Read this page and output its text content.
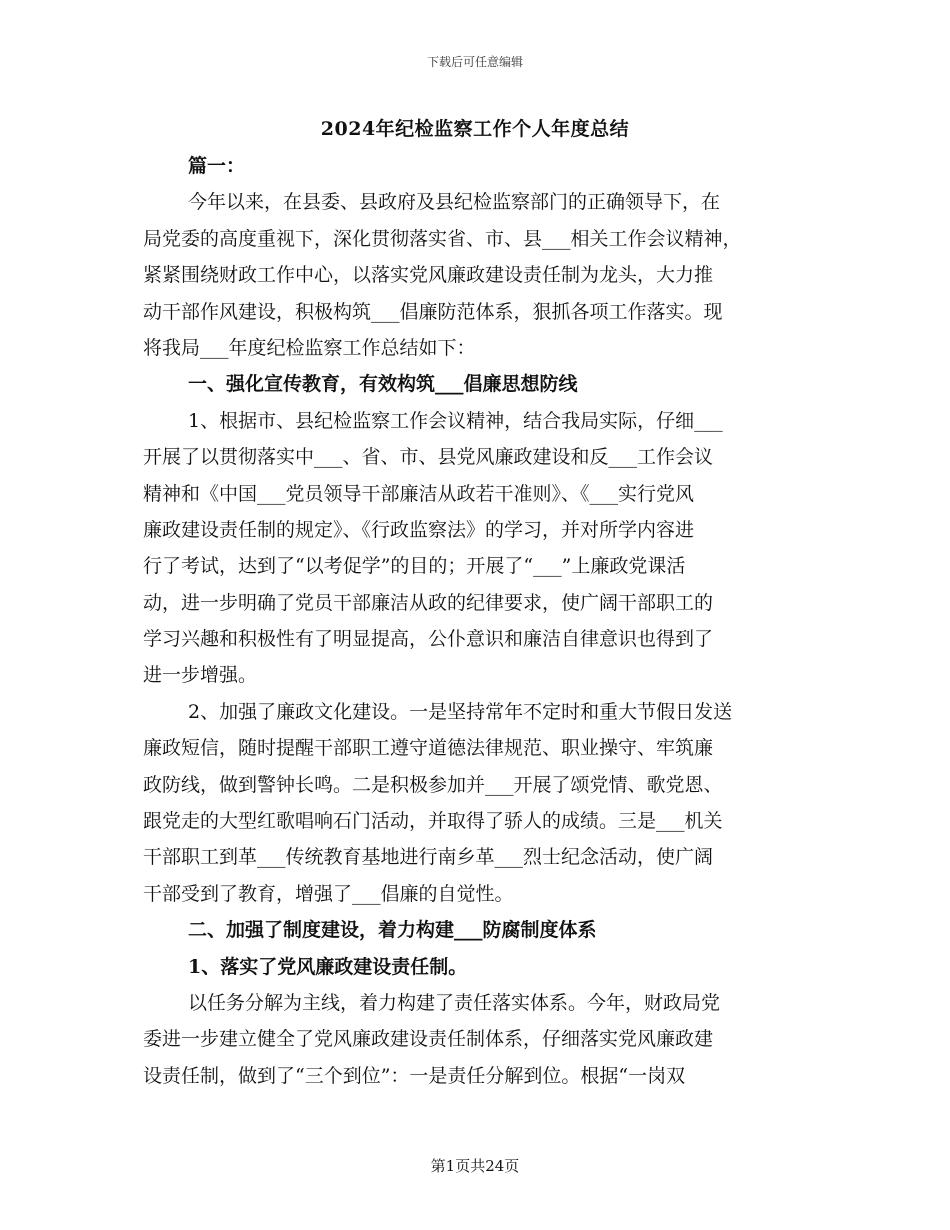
下载后可任意编辑
2024年纪检监察工作个人年度总结
篇一：
今年以来，在县委、县政府及县纪检监察部门的正确领导下，在
局党委的高度重视下，深化贯彻落实省、市、县___相关工作会议精神，
紧紧围绕财政工作中心，以落实党风廉政建设责任制为龙头，大力推
动干部作风建设，积极构筑___倡廉防范体系，狠抓各项工作落实。现
将我局___年度纪检监察工作总结如下：
一、强化宣传教育，有效构筑___倡廉思想防线
1、根据市、县纪检监察工作会议精神，结合我局实际，仔细___
开展了以贯彻落实中___、省、市、县党风廉政建设和反___工作会议
精神和《中国___党员领导干部廉洁从政若干准则》、《___实行党风
廉政建设责任制的规定》、《行政监察法》的学习，并对所学内容进
行了考试，达到了“以考促学”的目的；开展了“___”上廉政党课活
动，进一步明确了党员干部廉洁从政的纪律要求，使广阔干部职工的
学习兴趣和积极性有了明显提高，公仆意识和廉洁自律意识也得到了
进一步增强。
2、加强了廉政文化建设。一是坚持常年不定时和重大节假日发送
廉政短信，随时提醒干部职工遵守道德法律规范、职业操守、牢筑廉
政防线，做到警钟长鸣。二是积极参加并___开展了颂党情、歌党恩、
跟党走的大型红歌唱响石门活动，并取得了骄人的成绩。三是___机关
干部职工到革___传统教育基地进行南乡革___烈士纪念活动，使广阔
干部受到了教育，增强了___倡廉的自觉性。
二、加强了制度建设，着力构建___防腐制度体系
1、落实了党风廉政建设责任制。
以任务分解为主线，着力构建了责任落实体系。今年，财政局党
委进一步建立健全了党风廉政建设责任制体系，仔细落实党风廉政建
设责任制，做到了“三个到位”：一是责任分解到位。根据“一岗双
第1页共24页
